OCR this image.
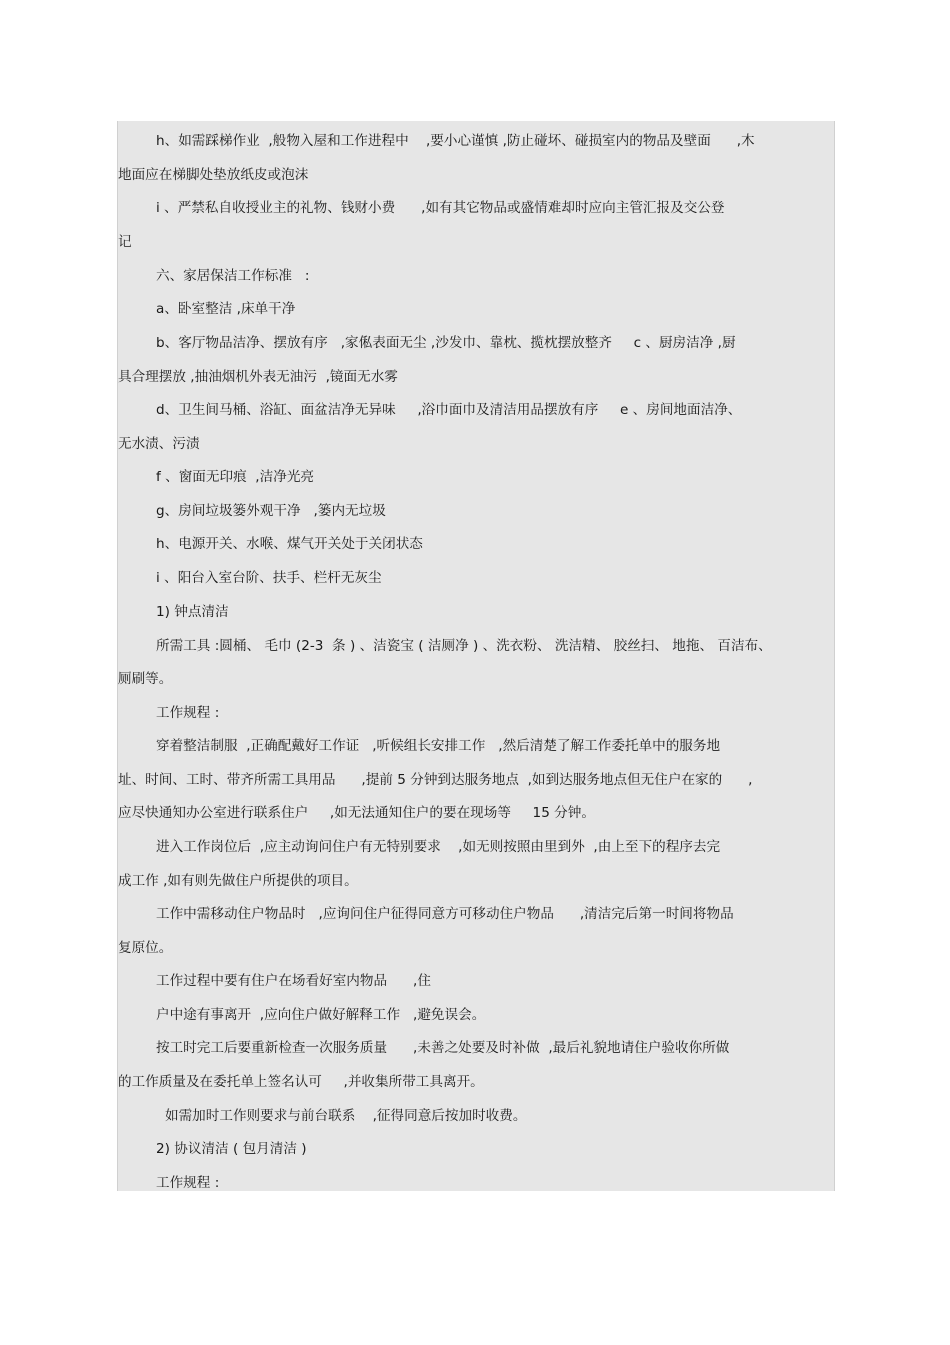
h、如需踩梯作业  ,般物入屋和工作进程中    ,要小心谨慎 ,防止碰坏、碰损室内的物品及壁面      ,木
地面应在梯脚处垫放纸皮或泡沫
i 、严禁私自收授业主的礼物、钱财小费      ,如有其它物品或盛情难却时应向主管汇报及交公登
记
六、家居保洁工作标准   :
a、卧室整洁 ,床单干净
b、客厅物品洁净、摆放有序   ,家俬表面无尘 ,沙发巾、靠枕、揽枕摆放整齐     c 、厨房洁净 ,厨
具合理摆放 ,抽油烟机外表无油污  ,镜面无水雾
d、卫生间马桶、浴缸、面盆洁净无异味     ,浴巾面巾及清洁用品摆放有序     e 、房间地面洁净、
无水渍、污渍
f 、窗面无印痕  ,洁净光亮
g、房间垃圾篓外观干净   ,篓内无垃圾
h、电源开关、水喉、煤气开关处于关闭状态
i 、阳台入室台阶、扶手、栏杆无灰尘
1) 钟点清洁
所需工具 :圆桶、 毛巾 (2-3  条 ) 、洁瓷宝 ( 洁厕净 ) 、洗衣粉、 洗洁精、 胶丝扫、 地拖、 百洁布、
厕刷等。
工作规程 :
穿着整洁制服  ,正确配戴好工作证   ,听候组长安排工作   ,然后清楚了解工作委托单中的服务地
址、时间、工时、带齐所需工具用品      ,提前 5 分钟到达服务地点  ,如到达服务地点但无住户在家的      ,
应尽快通知办公室进行联系住户     ,如无法通知住户的要在现场等     15 分钟。
进入工作岗位后  ,应主动询问住户有无特别要求    ,如无则按照由里到外  ,由上至下的程序去完
成工作 ,如有则先做住户所提供的项目。
工作中需移动住户物品时   ,应询问住户征得同意方可移动住户物品      ,清洁完后第一时间将物品
复原位。
工作过程中要有住户在场看好室内物品      ,住
户中途有事离开  ,应向住户做好解释工作   ,避免误会。
按工时完工后要重新检查一次服务质量      ,未善之处要及时补做  ,最后礼貌地请住户验收你所做
的工作质量及在委托单上签名认可     ,并收集所带工具离开。
如需加时工作则要求与前台联系    ,征得同意后按加时收费。
2) 协议清洁 ( 包月清洁 )
工作规程 :
